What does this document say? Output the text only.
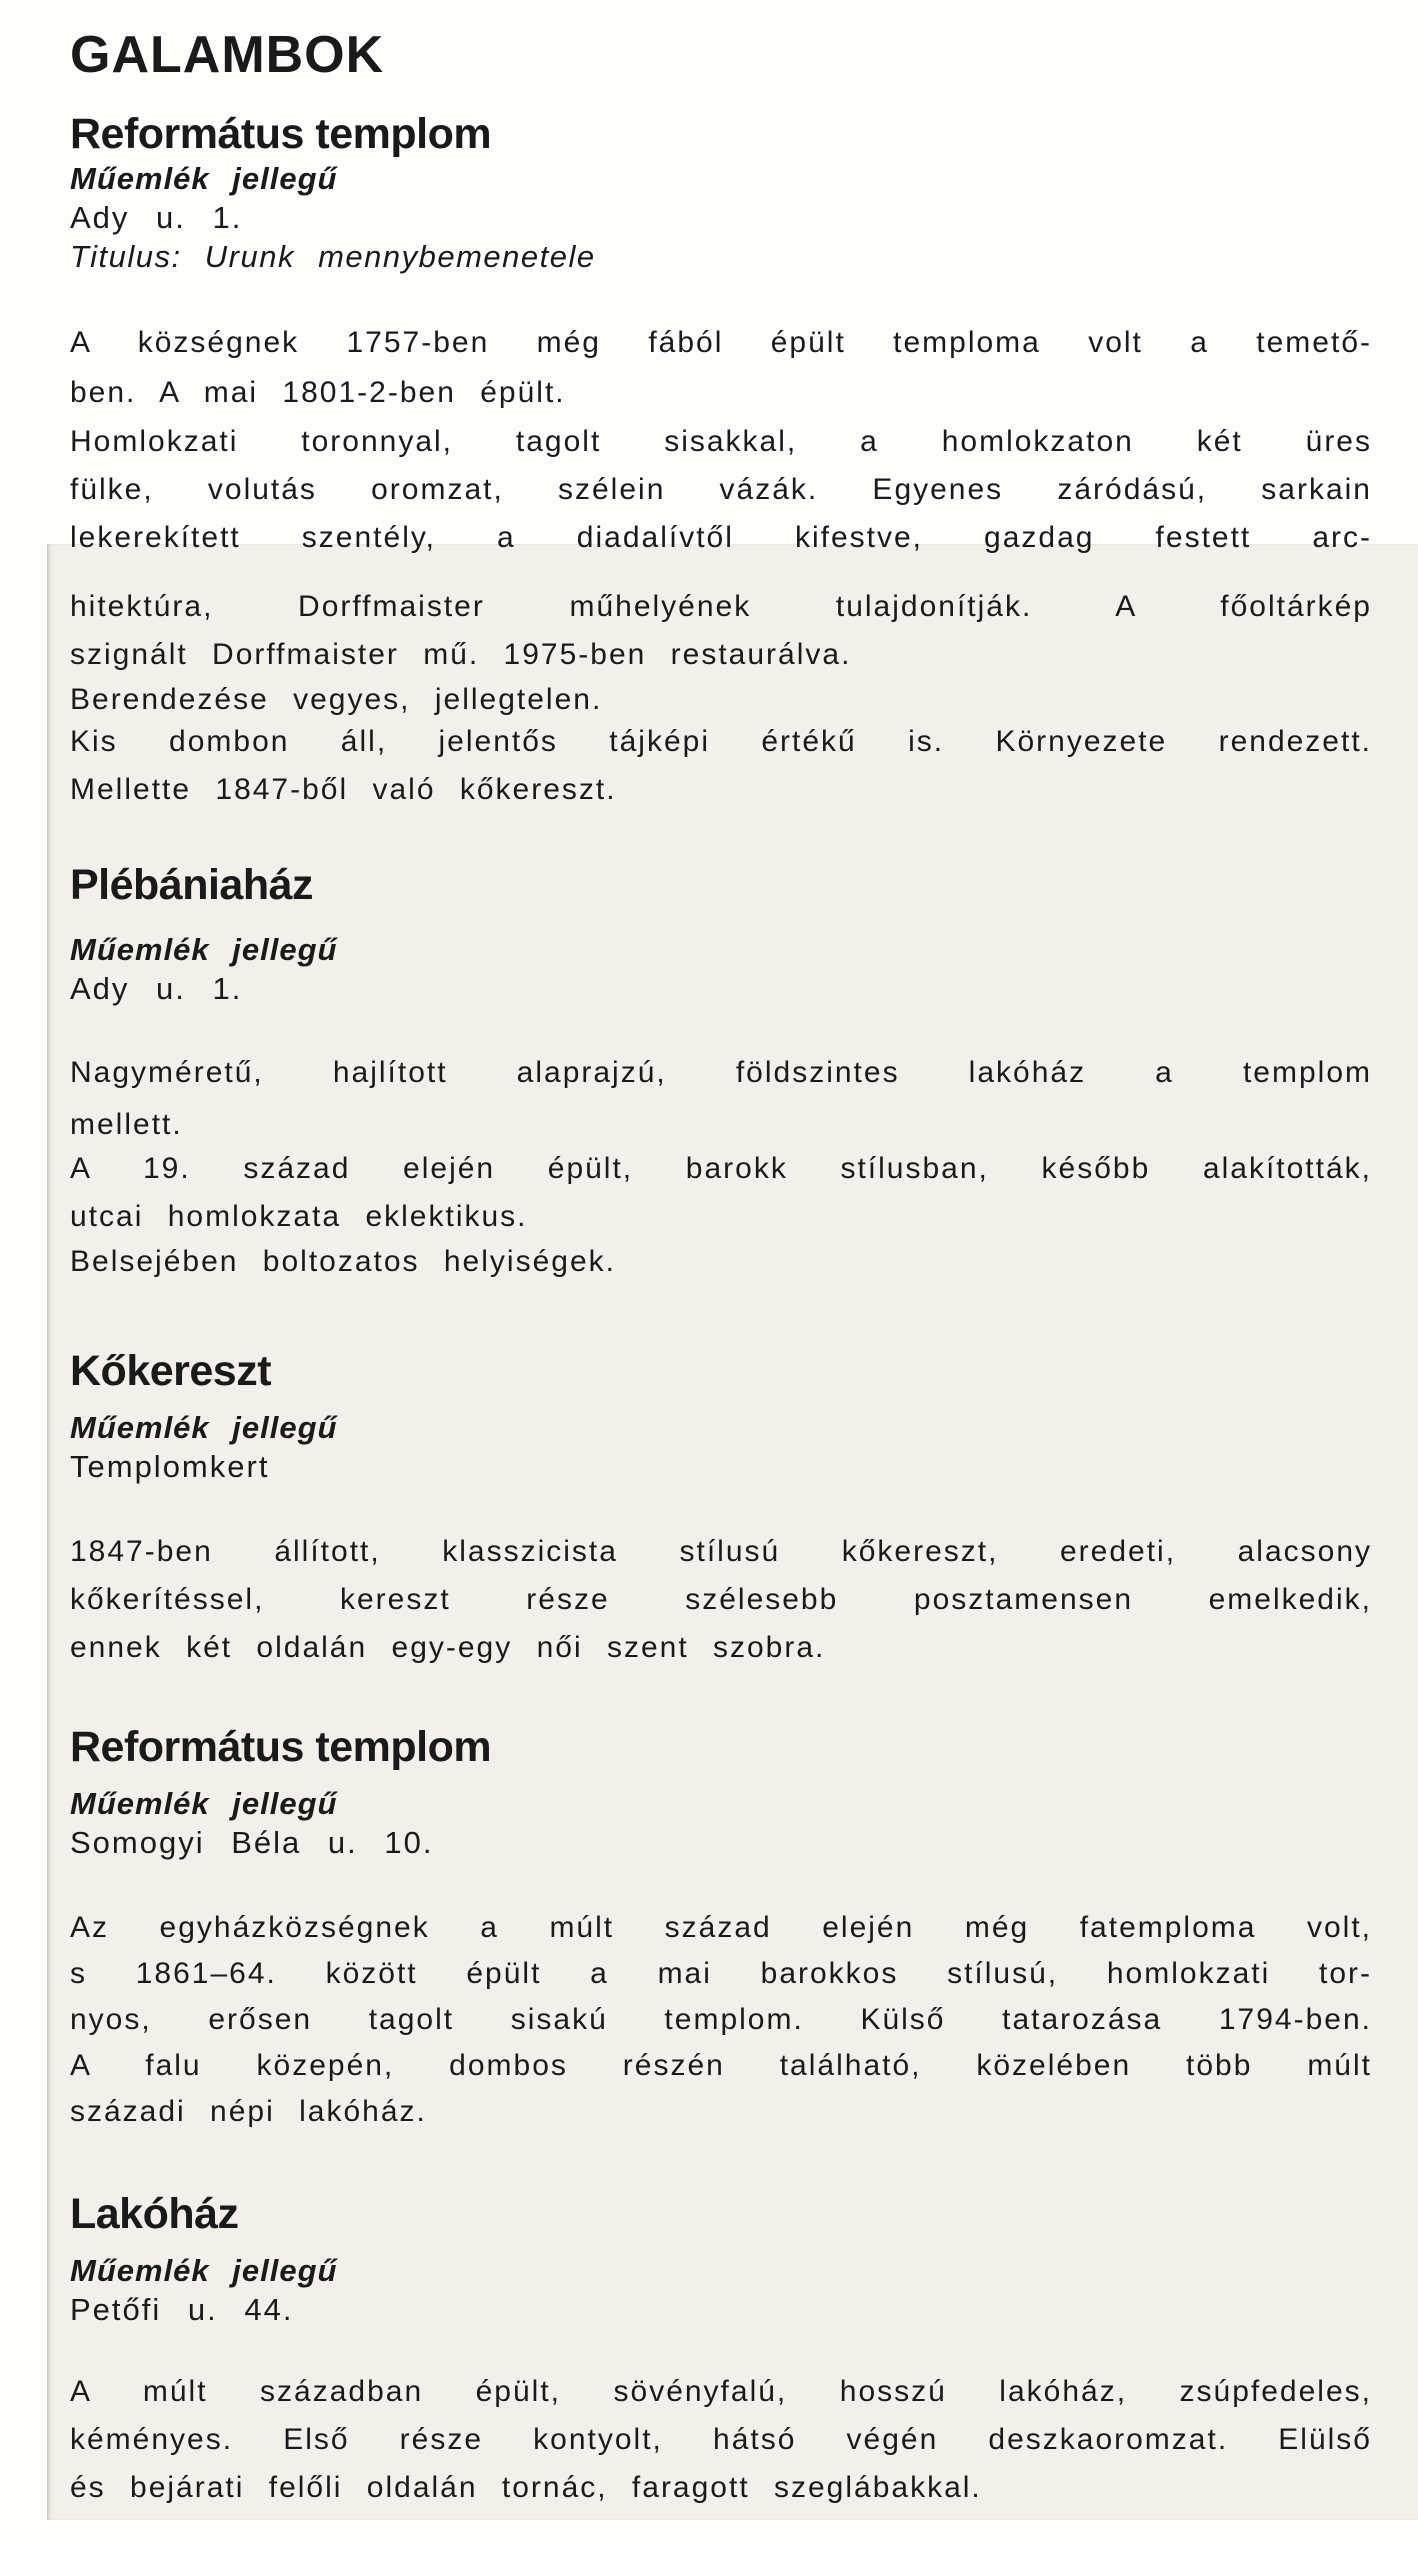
GALAMBOK
Református templom
Műemlék jellegű
Ady u. 1.
Titulus: Urunk mennybemenetele
A községnek 1757-ben még fából épült temploma volt a temető-
ben. A mai 1801-2-ben épült.
Homlokzati toronnyal, tagolt sisakkal, a homlokzaton két üres
fülke, volutás oromzat, szélein vázák. Egyenes záródású, sarkain
lekerekített szentély, a diadalívtől kifestve, gazdag festett arc-
hitektúra, Dorffmaister műhelyének tulajdonítják. A főoltárkép
szignált Dorffmaister mű. 1975-ben restaurálva.
Berendezése vegyes, jellegtelen.
Kis dombon áll, jelentős tájképi értékű is. Környezete rendezett.
Mellette 1847-ből való kőkereszt.
Plébániaház
Műemlék jellegű
Ady u. 1.
Nagyméretű, hajlított alaprajzú, földszintes lakóház a templom
mellett.
A 19. század elején épült, barokk stílusban, később alakították,
utcai homlokzata eklektikus.
Belsejében boltozatos helyiségek.
Kőkereszt
Műemlék jellegű
Templomkert
1847-ben állított, klasszicista stílusú kőkereszt, eredeti, alacsony
kőkerítéssel, kereszt része szélesebb posztamensen emelkedik,
ennek két oldalán egy-egy női szent szobra.
Református templom
Műemlék jellegű
Somogyi Béla u. 10.
Az egyházközségnek a múlt század elején még fatemploma volt,
s 1861–64. között épült a mai barokkos stílusú, homlokzati tor-
nyos, erősen tagolt sisakú templom. Külső tatarozása 1794-ben.
A falu közepén, dombos részén található, közelében több múlt
századi népi lakóház.
Lakóház
Műemlék jellegű
Petőfi u. 44.
A múlt században épült, sövényfalú, hosszú lakóház, zsúpfedeles,
kéményes. Első része kontyolt, hátsó végén deszkaoromzat. Elülső
és bejárati felőli oldalán tornác, faragott szeglábakkal.
